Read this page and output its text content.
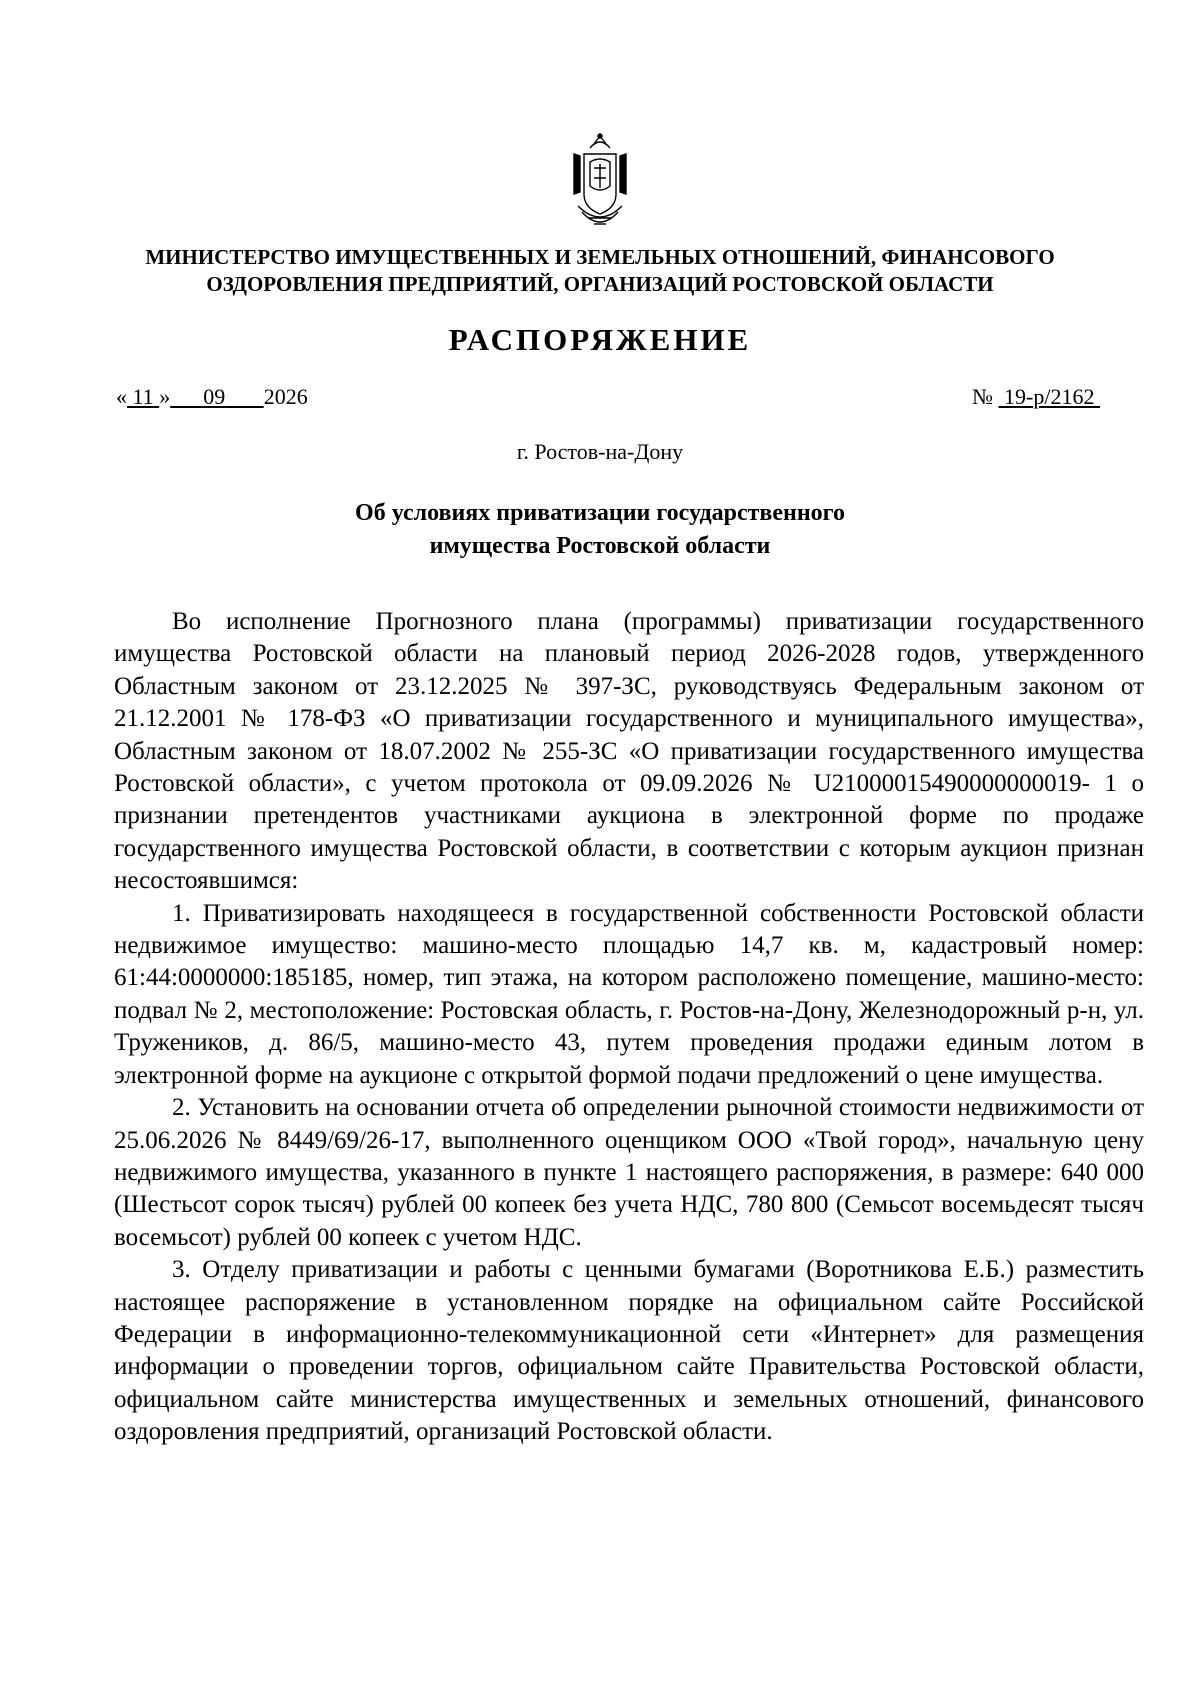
МИНИСТЕРСТВО ИМУЩЕСТВЕННЫХ И ЗЕМЕЛЬНЫХ ОТНОШЕНИЙ, ФИНАНСОВОГО
ОЗДОРОВЛЕНИЯ ПРЕДПРИЯТИЙ, ОРГАНИЗАЦИЙ РОСТОВСКОЙ ОБЛАСТИ
РАСПОРЯЖЕНИЕ
« 11 » 09 2026	№ 19-р/2162
г. Ростов-на-Дону
Об условиях приватизации государственного
имущества Ростовской области

Во исполнение Прогнозного плана (программы) приватизации государственного имущества Ростовской области на плановый период 2026-2028 годов, утвержденного Областным законом от 23.12.2025 № 397-ЗС, руководствуясь Федеральным законом от 21.12.2001 № 178-ФЗ «О приватизации государственного и муниципального имущества», Областным законом от 18.07.2002 № 255-ЗС «О приватизации государственного имущества Ростовской области», с учетом протокола от 09.09.2026 № U21000015490000000019- 1 о признании претендентов участниками аукциона в электронной форме по продаже государственного имущества Ростовской области, в соответствии с которым аукцион признан несостоявшимся:

1. Приватизировать находящееся в государственной собственности Ростовской области недвижимое имущество: машино-место площадью 14,7 кв. м, кадастровый номер: 61:44:0000000:185185, номер, тип этажа, на котором расположено помещение, машино-место: подвал № 2, местоположение: Ростовская область, г. Ростов-на-Дону, Железнодорожный р-н, ул. Тружеников, д. 86/5, машино-место 43, путем проведения продажи единым лотом в электронной форме на аукционе с открытой формой подачи предложений о цене имущества.

2. Установить на основании отчета об определении рыночной стоимости недвижимости от 25.06.2026 № 8449/69/26-17, выполненного оценщиком ООО «Твой город», начальную цену недвижимого имущества, указанного в пункте 1 настоящего распоряжения, в размере: 640 000 (Шестьсот сорок тысяч) рублей 00 копеек без учета НДС, 780 800 (Семьсот восемьдесят тысяч восемьсот) рублей 00 копеек с учетом НДС.

3. Отделу приватизации и работы с ценными бумагами (Воротникова Е.Б.) разместить настоящее распоряжение в установленном порядке на официальном сайте Российской Федерации в информационно-телекоммуникационной сети «Интернет» для размещения информации о проведении торгов, официальном сайте Правительства Ростовской области, официальном сайте министерства имущественных и земельных отношений, финансового оздоровления предприятий, организаций Ростовской области.
